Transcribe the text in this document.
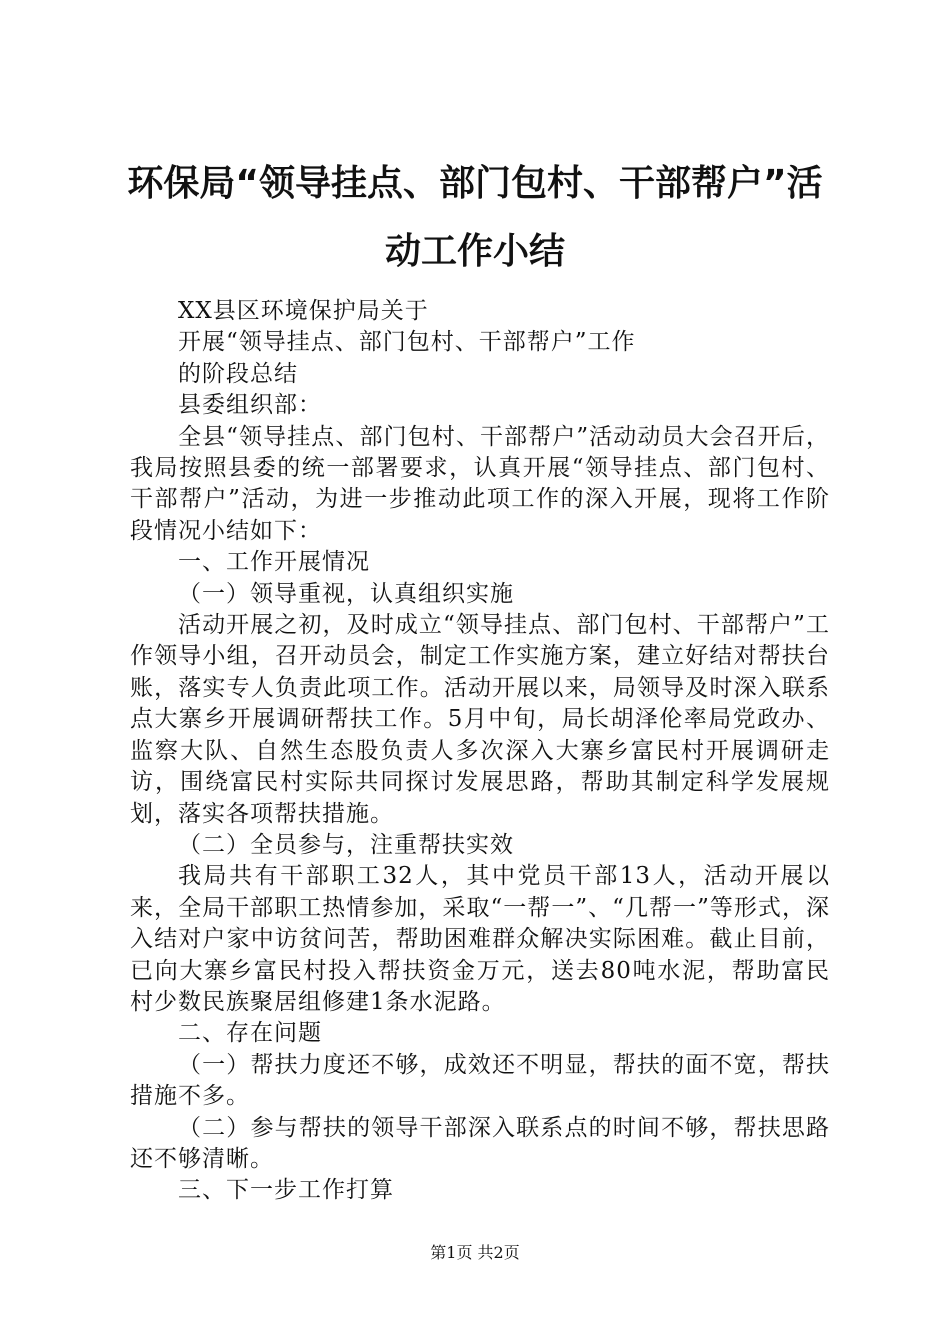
环保局“领导挂点、部门包村、干部帮户”活
动工作小结

XX县区环境保护局关于

开展“领导挂点、部门包村、干部帮户”工作

的阶段总结

县委组织部：

全县“领导挂点、部门包村、干部帮户”活动动员大会召开后，我局按照县委的统一部署要求，认真开展“领导挂点、部门包村、干部帮户”活动，为进一步推动此项工作的深入开展，现将工作阶段情况小结如下：

一、工作开展情况

（一）领导重视，认真组织实施

活动开展之初，及时成立“领导挂点、部门包村、干部帮户”工作领导小组，召开动员会，制定工作实施方案，建立好结对帮扶台账，落实专人负责此项工作。活动开展以来，局领导及时深入联系点大寨乡开展调研帮扶工作。5月中旬，局长胡泽伦率局党政办、监察大队、自然生态股负责人多次深入大寨乡富民村开展调研走访，围绕富民村实际共同探讨发展思路，帮助其制定科学发展规划，落实各项帮扶措施。

（二）全员参与，注重帮扶实效

我局共有干部职工32人，其中党员干部13人，活动开展以来，全局干部职工热情参加，采取“一帮一”、“几帮一”等形式，深入结对户家中访贫问苦，帮助困难群众解决实际困难。截止目前，已向大寨乡富民村投入帮扶资金万元，送去80吨水泥，帮助富民村少数民族聚居组修建1条水泥路。

二、存在问题

（一）帮扶力度还不够，成效还不明显，帮扶的面不宽，帮扶措施不多。

（二）参与帮扶的领导干部深入联系点的时间不够，帮扶思路还不够清晰。

三、下一步工作打算

第1页 共2页
